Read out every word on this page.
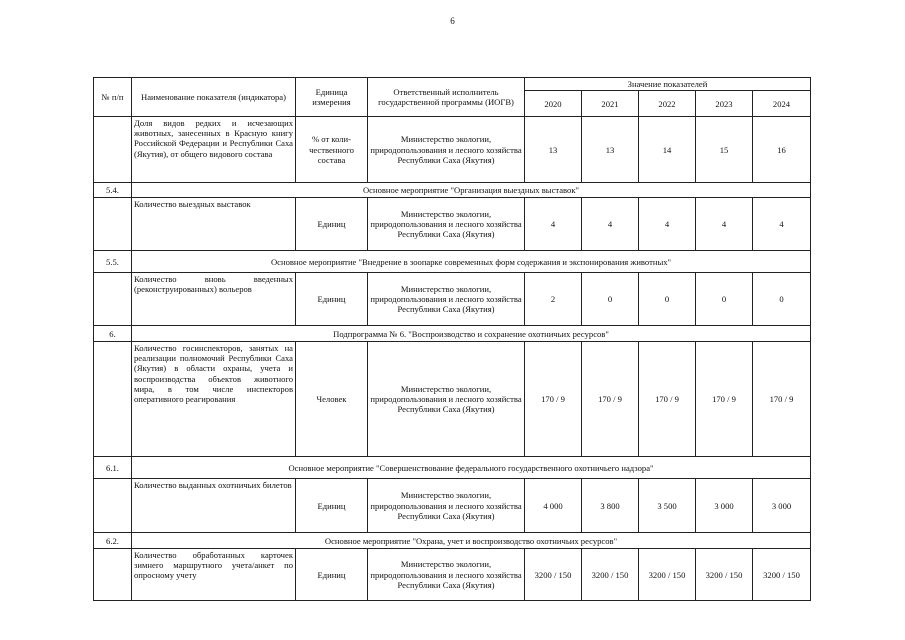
6
№ п/п	Наименование показателя (индикатора)	Единица измерения	Ответственный исполнитель государственной программы (ИОГВ)	Значение показателей				
				2020	2021	2022	2023	2024
	Доля видов редких и исчезающих животных, занесенных в Красную книгу Российской Федерации и Республики Саха (Якутия), от общего видового состава	% от коли-чественного состава	Министерство экологии, природопользования и лесного хозяйства Республики Саха (Якутия)	13	13	14	15	16
5.4.	Основное мероприятие "Организация выездных выставок"							
	Количество выездных выставок	Единиц	Министерство экологии, природопользования и лесного хозяйства Республики Саха (Якутия)	4	4	4	4	4
5.5.	Основное мероприятие "Внедрение в зоопарке современных форм содержания и экспонирования животных"							
	Количество вновь введенных (реконструированных) вольеров	Единиц	Министерство экологии, природопользования и лесного хозяйства Республики Саха (Якутия)	2	0	0	0	0
6.	Подпрограмма № 6. "Воспроизводство и сохранение охотничьих ресурсов"							
	Количество госинспекторов, занятых на реализации полномочий Республики Саха (Якутия) в области охраны, учета и воспроизводства объектов животного мира, в том числе инспекторов оперативного реагирования	Человек	Министерство экологии, природопользования и лесного хозяйства Республики Саха (Якутия)	170 / 9	170 / 9	170 / 9	170 / 9	170 / 9
6.1.	Основное мероприятие "Совершенствование федерального государственного охотничьего надзора"							
	Количество выданных охотничьих билетов	Единиц	Министерство экологии, природопользования и лесного хозяйства Республики Саха (Якутия)	4 000	3 800	3 500	3 000	3 000
6.2.	Основное мероприятие "Охрана, учет и воспроизводство охотничьих ресурсов"							
	Количество обработанных карточек зимнего маршрутного учета/анкет по опросному учету	Единиц	Министерство экологии, природопользования и лесного хозяйства Республики Саха (Якутия)	3200 / 150	3200 / 150	3200 / 150	3200 / 150	3200 / 150
